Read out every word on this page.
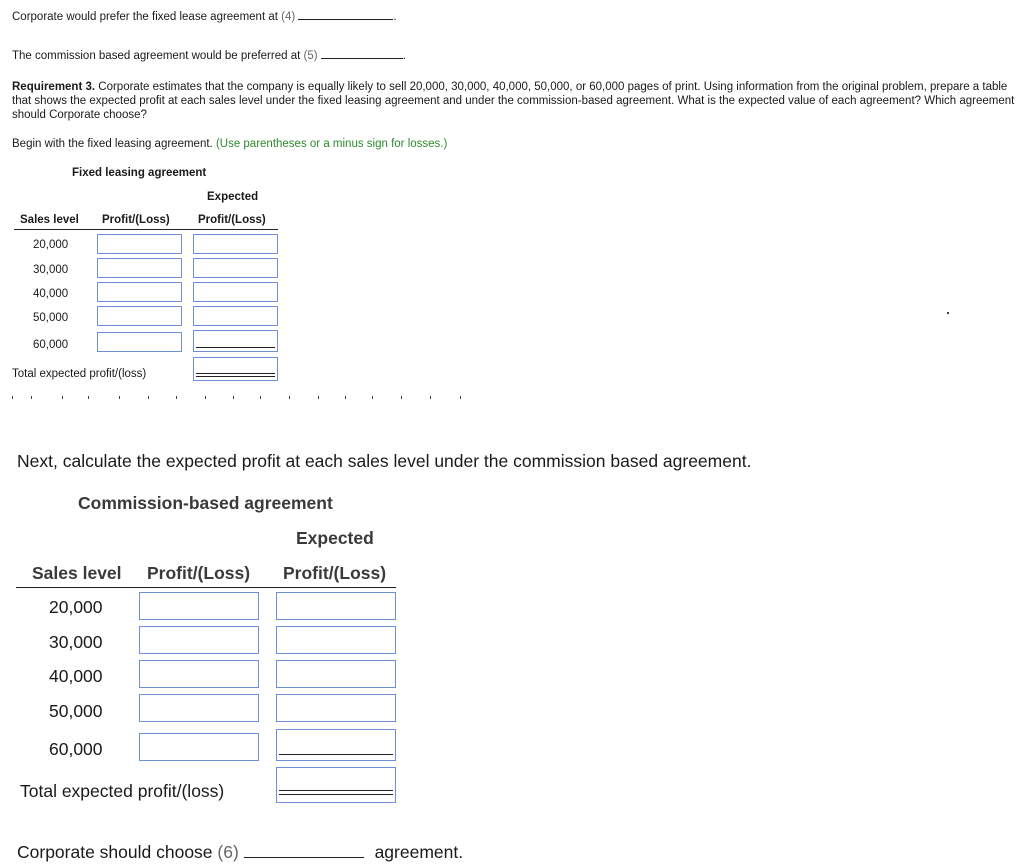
Corporate would prefer the fixed lease agreement at (4)	.
The commission based agreement would be preferred at (5)	.
Requirement 3. Corporate estimates that the company is equally likely to sell 20,000, 30,000, 40,000, 50,000, or 60,000 pages of print. Using information from the original problem, prepare a table that shows the expected profit at each sales level under the fixed leasing agreement and under the commission-based agreement. What is the expected value of each agreement? Which agreement should Corporate choose?
Begin with the fixed leasing agreement. (Use parentheses or a minus sign for losses.)
Fixed leasing agreement
Expected
Sales level Profit/(Loss) Profit/(Loss)
20,000
30,000
40,000
50,000
60,000
Total expected profit/(loss)
Next, calculate the expected profit at each sales level under the commission based agreement.
Commission-based agreement
Expected
Sales level Profit/(Loss) Profit/(Loss)
20,000
30,000
40,000
50,000
60,000
Total expected profit/(loss)
Corporate should choose (6)	agreement.
